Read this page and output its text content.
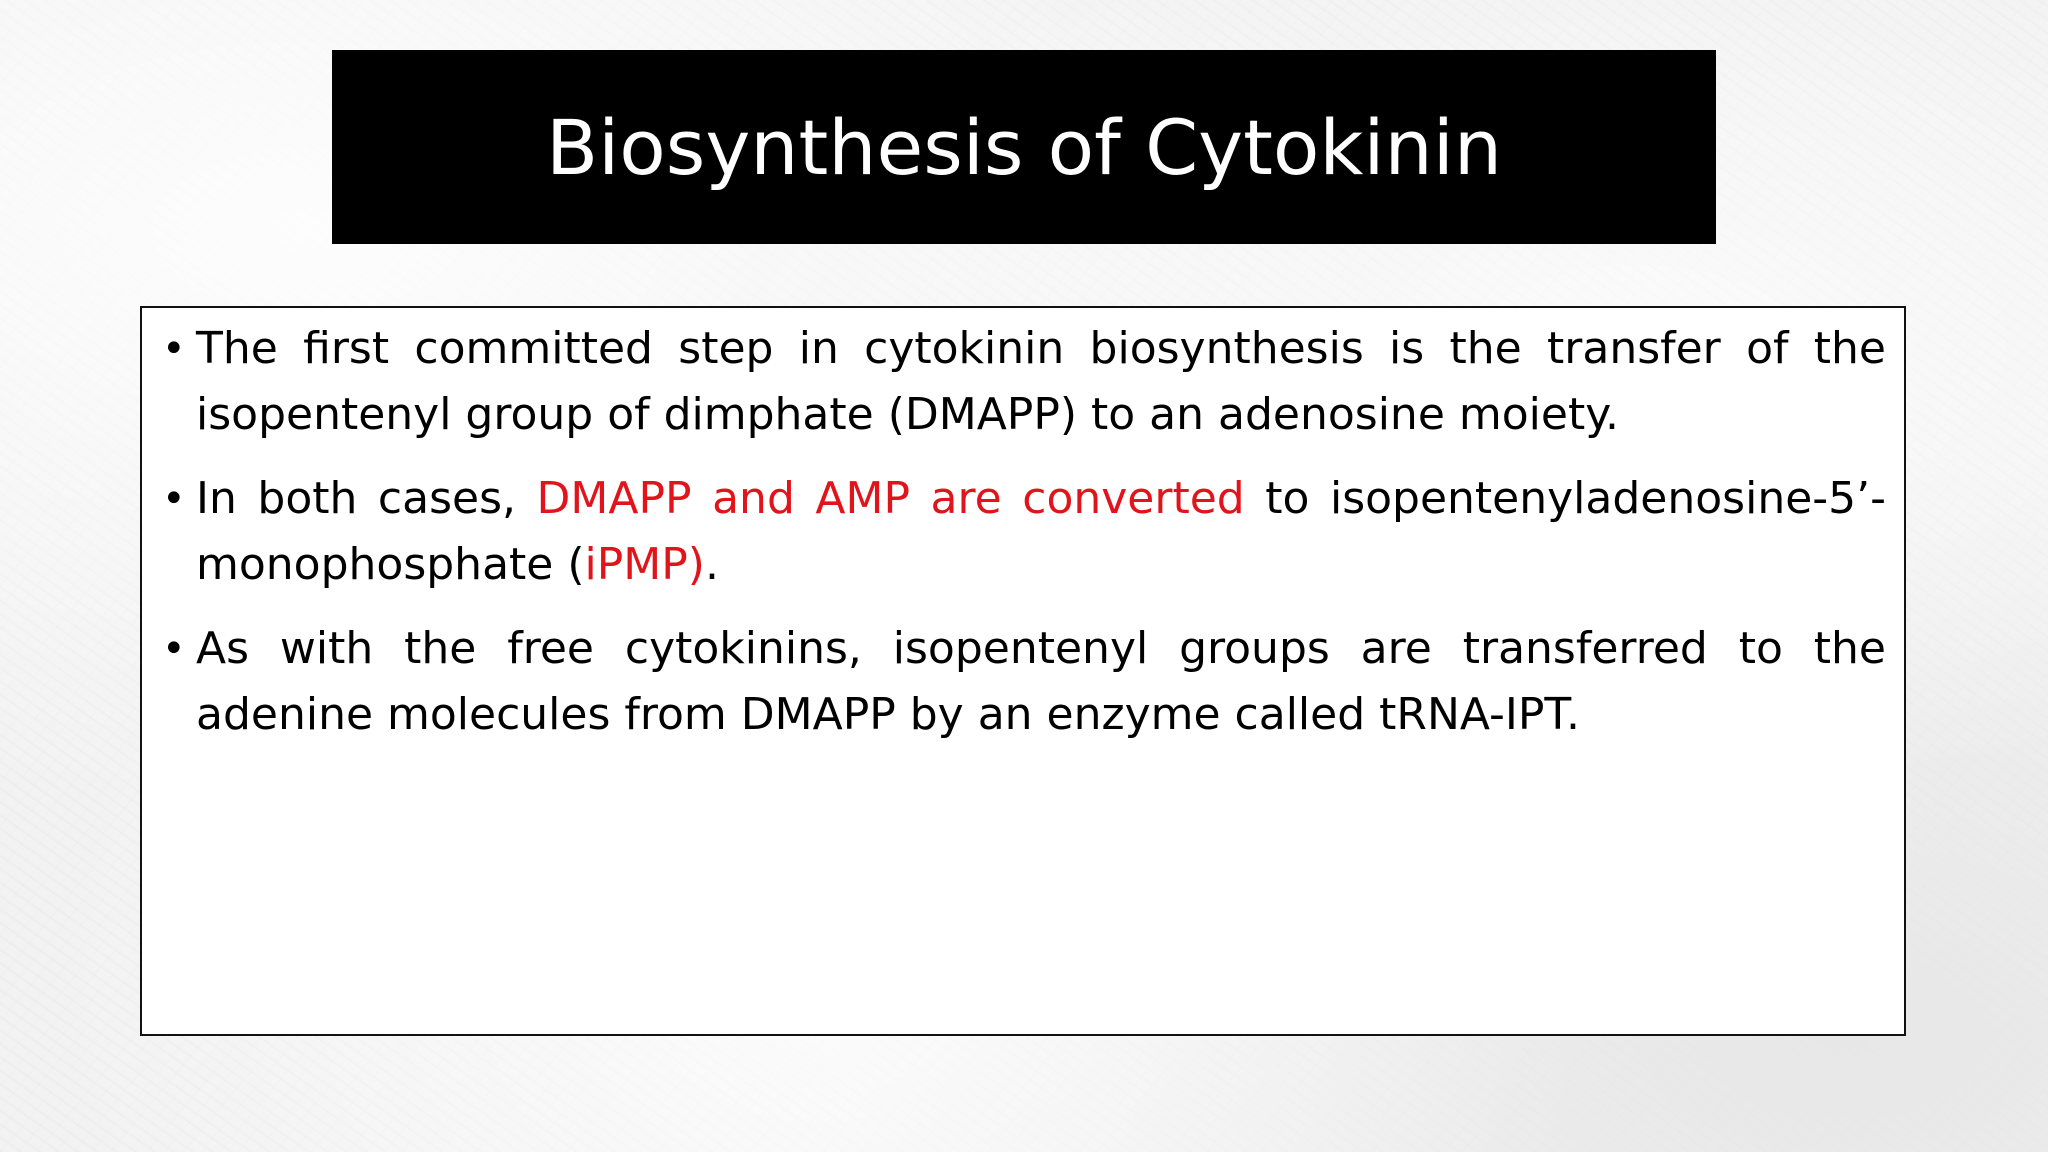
Biosynthesis of Cytokinin
• The first committed step in cytokinin biosynthesis is the transfer of the isopentenyl group of dimphate (DMAPP) to an adenosine moiety.
• In both cases, DMAPP and AMP are converted to isopentenyladenosine-5’-monophosphate (iPMP).
• As with the free cytokinins, isopentenyl groups are transferred to the adenine molecules from DMAPP by an enzyme called tRNA-IPT.
